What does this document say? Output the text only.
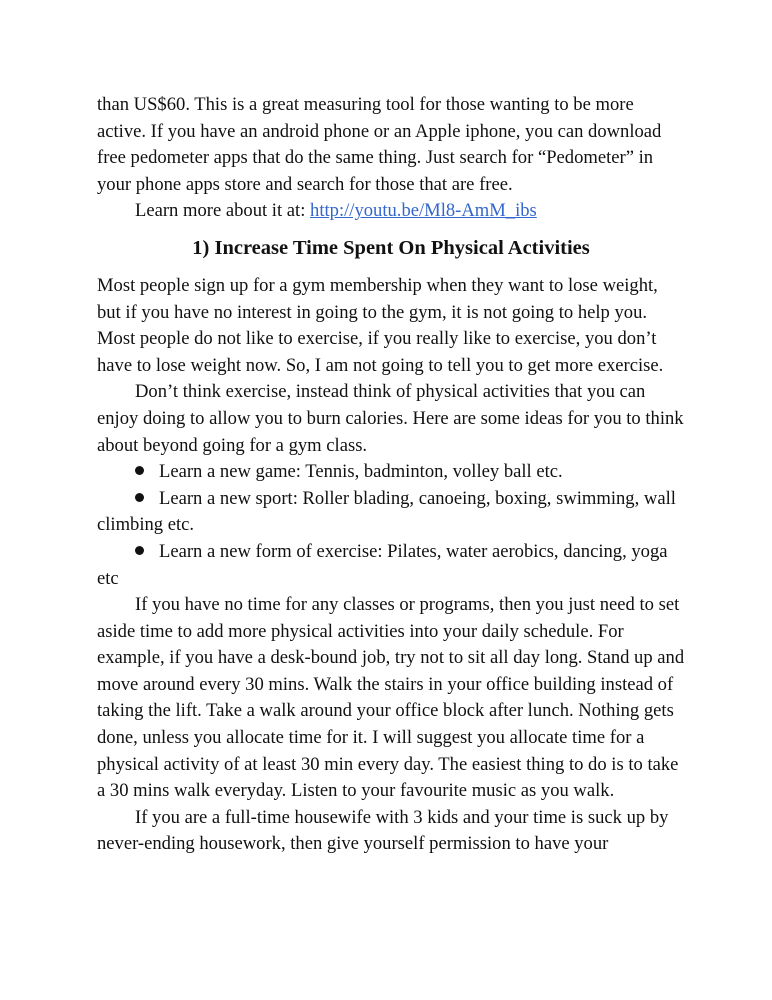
than US$60. This is a great measuring tool for those wanting to be more active. If you have an android phone or an Apple iphone, you can download free pedometer apps that do the same thing. Just search for “Pedometer” in your phone apps store and search for those that are free.

Learn more about it at: http://youtu.be/Ml8-AmM_ibs

1) Increase Time Spent On Physical Activities

Most people sign up for a gym membership when they want to lose weight, but if you have no interest in going to the gym, it is not going to help you. Most people do not like to exercise, if you really like to exercise, you don’t have to lose weight now. So, I am not going to tell you to get more exercise.

Don’t think exercise, instead think of physical activities that you can enjoy doing to allow you to burn calories. Here are some ideas for you to think about beyond going for a gym class.

Learn a new game: Tennis, badminton, volley ball etc.
Learn a new sport: Roller blading, canoeing, boxing, swimming, wall climbing etc.
Learn a new form of exercise: Pilates, water aerobics, dancing, yoga etc

If you have no time for any classes or programs, then you just need to set aside time to add more physical activities into your daily schedule. For example, if you have a desk-bound job, try not to sit all day long. Stand up and move around every 30 mins. Walk the stairs in your office building instead of taking the lift. Take a walk around your office block after lunch. Nothing gets done, unless you allocate time for it. I will suggest you allocate time for a physical activity of at least 30 min every day. The easiest thing to do is to take a 30 mins walk everyday. Listen to your favourite music as you walk.

If you are a full-time housewife with 3 kids and your time is suck up by never-ending housework, then give yourself permission to have your
